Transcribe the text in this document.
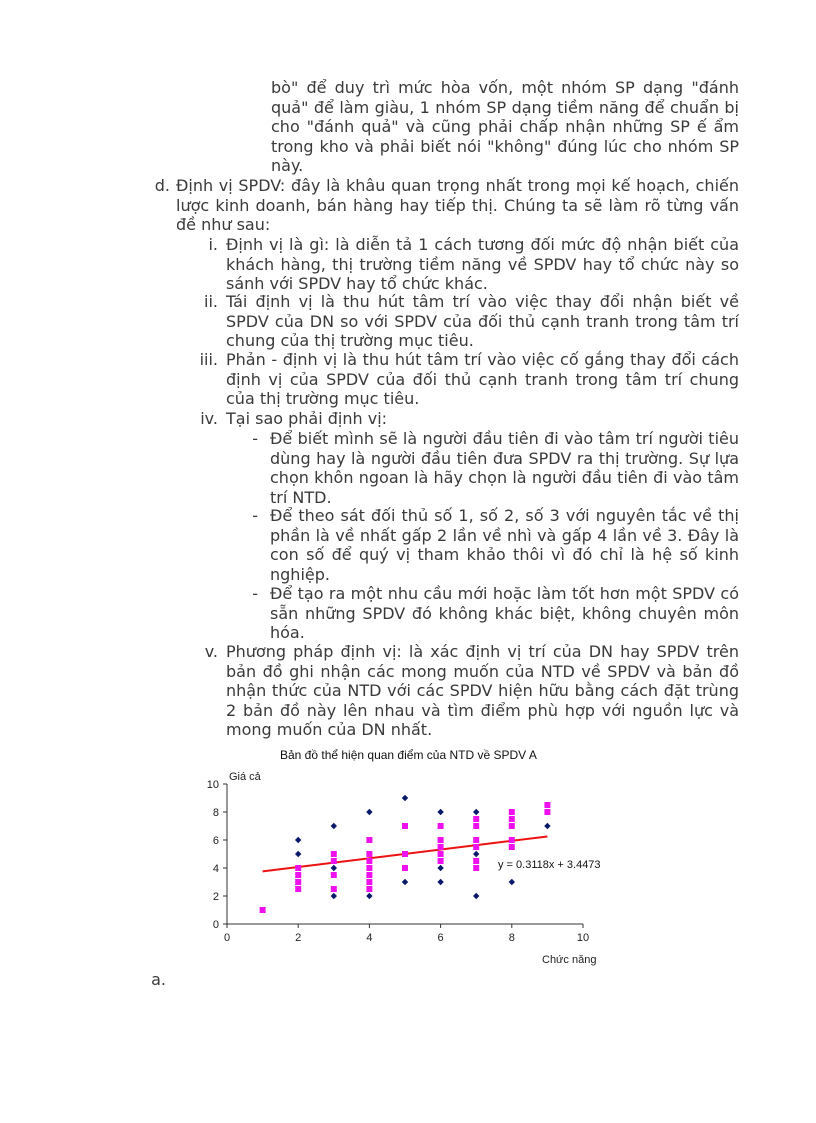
bò" để duy trì mức hòa vốn, một nhóm SP dạng "đánh quả" để làm giàu, 1 nhóm SP dạng tiềm năng để chuẩn bị cho "đánh quả" và cũng phải chấp nhận những SP ế ẩm trong kho và phải biết nói "không" đúng lúc cho nhóm SP này.

d. Định vị SPDV: đây là khâu quan trọng nhất trong mọi kế hoạch, chiến lược kinh doanh, bán hàng hay tiếp thị. Chúng ta sẽ làm rõ từng vấn đề như sau:

i. Định vị là gì: là diễn tả 1 cách tương đối mức độ nhận biết của khách hàng, thị trường tiềm năng về SPDV hay tổ chức này so sánh với SPDV hay tổ chức khác.

ii. Tái định vị là thu hút tâm trí vào việc thay đổi nhận biết về SPDV của DN so với SPDV của đối thủ cạnh tranh trong tâm trí chung của thị trường mục tiêu.

iii. Phản - định vị là thu hút tâm trí vào việc cố gắng thay đổi cách định vị của SPDV của đối thủ cạnh tranh trong tâm trí chung của thị trường mục tiêu.

iv. Tại sao phải định vị:

- Để biết mình sẽ là người đầu tiên đi vào tâm trí người tiêu dùng hay là người đầu tiên đưa SPDV ra thị trường. Sự lựa chọn khôn ngoan là hãy chọn là người đầu tiên đi vào tâm trí NTD.

- Để theo sát đối thủ số 1, số 2, số 3 với nguyên tắc về thị phần là về nhất gấp 2 lần về nhì và gấp 4 lần về 3. Đây là con số để quý vị tham khảo thôi vì đó chỉ là hệ số kinh nghiệp.

- Để tạo ra một nhu cầu mới hoặc làm tốt hơn một SPDV có sẵn những SPDV đó không khác biệt, không chuyên môn hóa.

v. Phương pháp định vị: là xác định vị trí của DN hay SPDV trên bản đồ ghi nhận các mong muốn của NTD về SPDV và bản đồ nhận thức của NTD với các SPDV hiện hữu bằng cách đặt trùng 2 bản đồ này lên nhau và tìm điểm phù hợp với nguồn lực và mong muốn của DN nhất.

Bản đồ thể hiện quan điểm của NTD về SPDV A
Giá cả
Chức năng
0
2
4
6
8
10
0	2	4	6	8	10
y = 0.3118x + 3.4473
a.
